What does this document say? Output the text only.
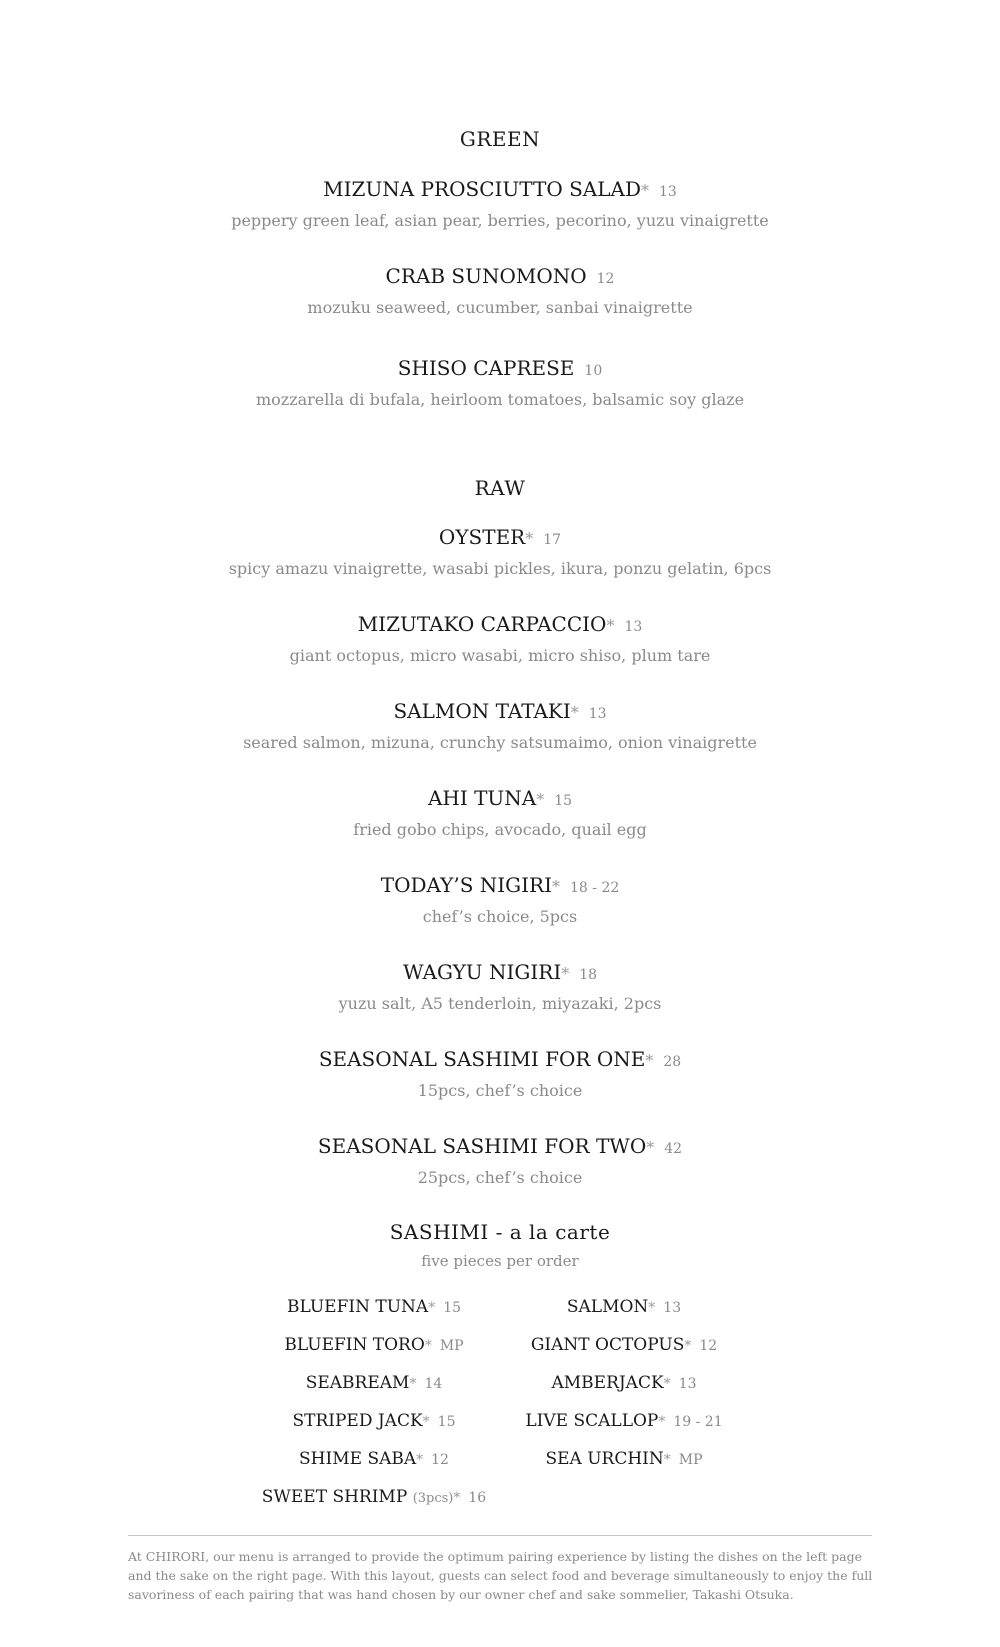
GREEN
MIZUNA PROSCIUTTO SALAD* 13
peppery green leaf, asian pear, berries, pecorino, yuzu vinaigrette
CRAB SUNOMONO 12
mozuku seaweed, cucumber, sanbai vinaigrette
SHISO CAPRESE 10
mozzarella di bufala, heirloom tomatoes, balsamic soy glaze
RAW
OYSTER* 17
spicy amazu vinaigrette, wasabi pickles, ikura, ponzu gelatin, 6pcs
MIZUTAKO CARPACCIO* 13
giant octopus, micro wasabi, micro shiso, plum tare
SALMON TATAKI* 13
seared salmon, mizuna, crunchy satsumaimo, onion vinaigrette
AHI TUNA* 15
fried gobo chips, avocado, quail egg
TODAY’S NIGIRI* 18 - 22
chef’s choice, 5pcs
WAGYU NIGIRI* 18
yuzu salt, A5 tenderloin, miyazaki, 2pcs
SEASONAL SASHIMI FOR ONE* 28
15pcs, chef’s choice
SEASONAL SASHIMI FOR TWO* 42
25pcs, chef’s choice
SASHIMI - a la carte
five pieces per order
BLUEFIN TUNA* 15	SALMON* 13
BLUEFIN TORO* MP	GIANT OCTOPUS* 12
SEABREAM* 14	AMBERJACK* 13
STRIPED JACK* 15	LIVE SCALLOP* 19 - 21
SHIME SABA* 12	SEA URCHIN* MP
SWEET SHRIMP (3pcs)* 16
At CHIRORI, our menu is arranged to provide the optimum pairing experience by listing the dishes on the left page and the sake on the right page. With this layout, guests can select food and beverage simultaneously to enjoy the full savoriness of each pairing that was hand chosen by our owner chef and sake sommelier, Takashi Otsuka.
